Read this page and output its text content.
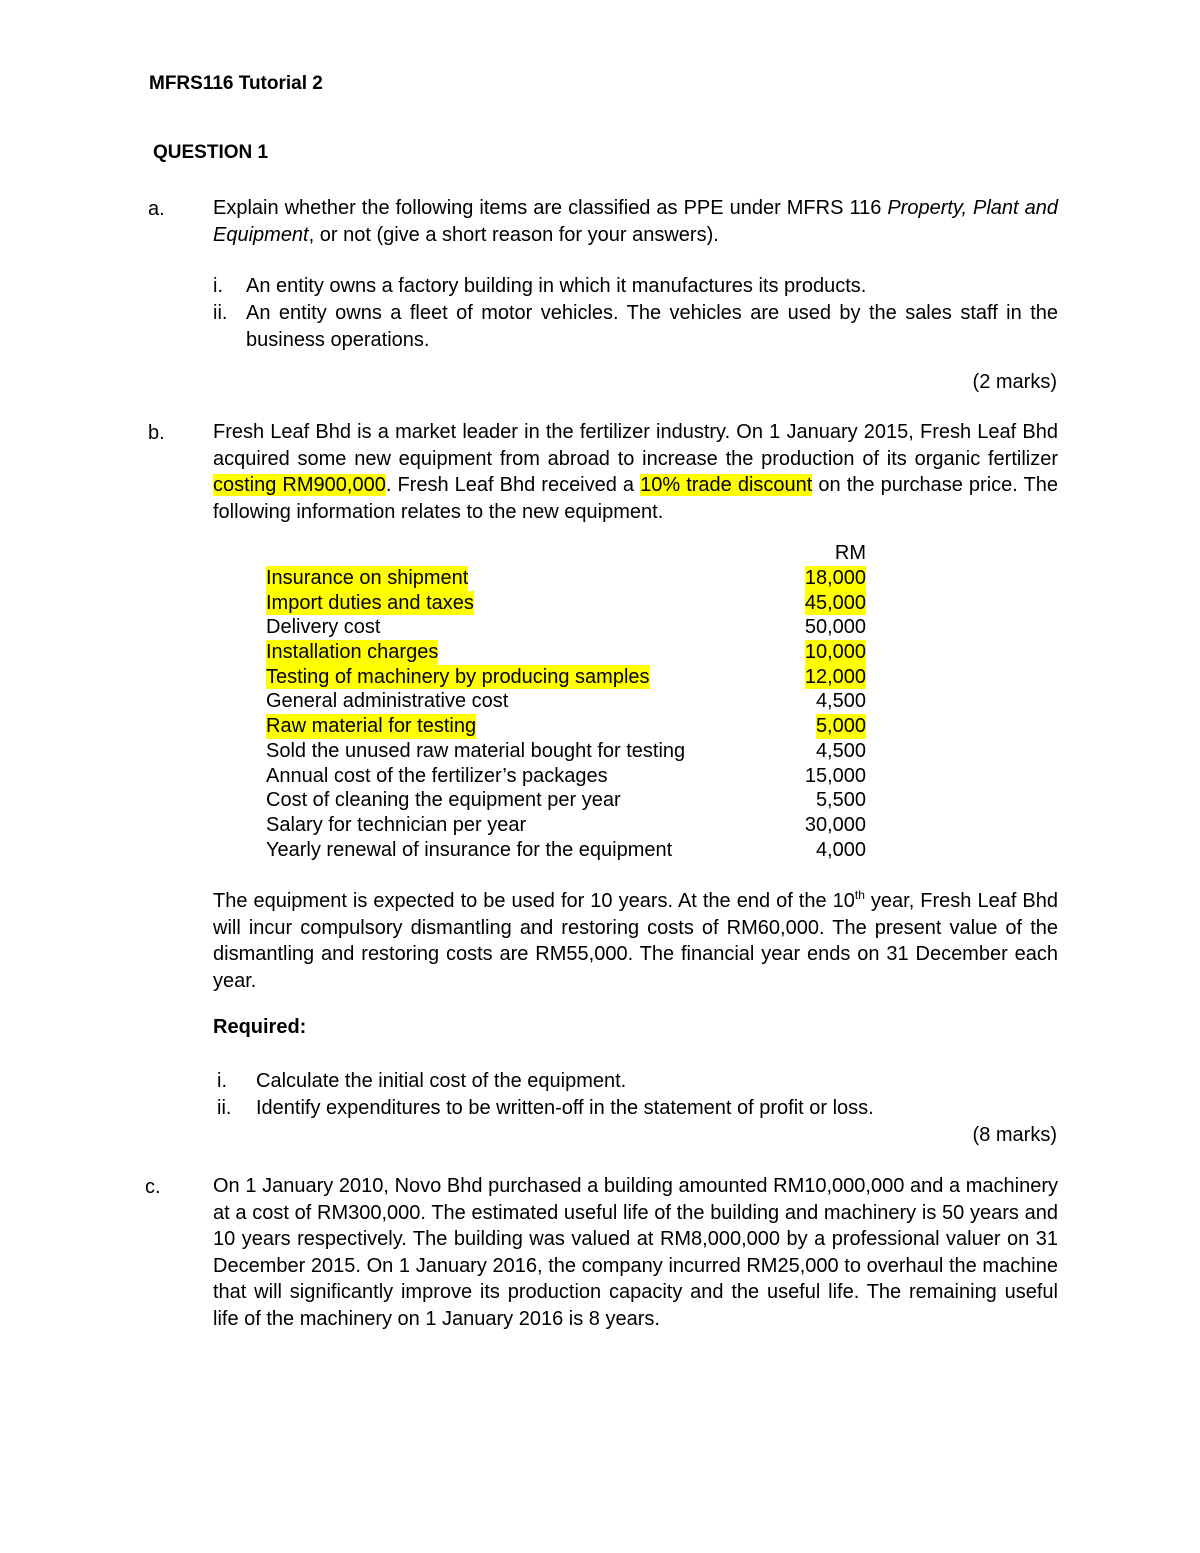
MFRS116 Tutorial 2
QUESTION 1
a. Explain whether the following items are classified as PPE under MFRS 116 Property, Plant and Equipment, or not (give a short reason for your answers).
i. An entity owns a factory building in which it manufactures its products.
ii. An entity owns a fleet of motor vehicles. The vehicles are used by the sales staff in the business operations.
(2 marks)
b. Fresh Leaf Bhd is a market leader in the fertilizer industry. On 1 January 2015, Fresh Leaf Bhd acquired some new equipment from abroad to increase the production of its organic fertilizer costing RM900,000. Fresh Leaf Bhd received a 10% trade discount on the purchase price. The following information relates to the new equipment.
RM
Insurance on shipment	18,000
Import duties and taxes	45,000
Delivery cost	50,000
Installation charges	10,000
Testing of machinery by producing samples	12,000
General administrative cost	4,500
Raw material for testing	5,000
Sold the unused raw material bought for testing	4,500
Annual cost of the fertilizer’s packages	15,000
Cost of cleaning the equipment per year	5,500
Salary for technician per year	30,000
Yearly renewal of insurance for the equipment	4,000
The equipment is expected to be used for 10 years. At the end of the 10th year, Fresh Leaf Bhd will incur compulsory dismantling and restoring costs of RM60,000. The present value of the dismantling and restoring costs are RM55,000. The financial year ends on 31 December each year.
Required:
i. Calculate the initial cost of the equipment.
ii. Identify expenditures to be written-off in the statement of profit or loss.
(8 marks)
c.	On 1 January 2010, Novo Bhd purchased a building amounted RM10,000,000 and a machinery at a cost of RM300,000. The estimated useful life of the building and machinery is 50 years and 10 years respectively. The building was valued at RM8,000,000 by a professional valuer on 31 December 2015. On 1 January 2016, the company incurred RM25,000 to overhaul the machine that will significantly improve its production capacity and the useful life. The remaining useful life of the machinery on 1 January 2016 is 8 years.
